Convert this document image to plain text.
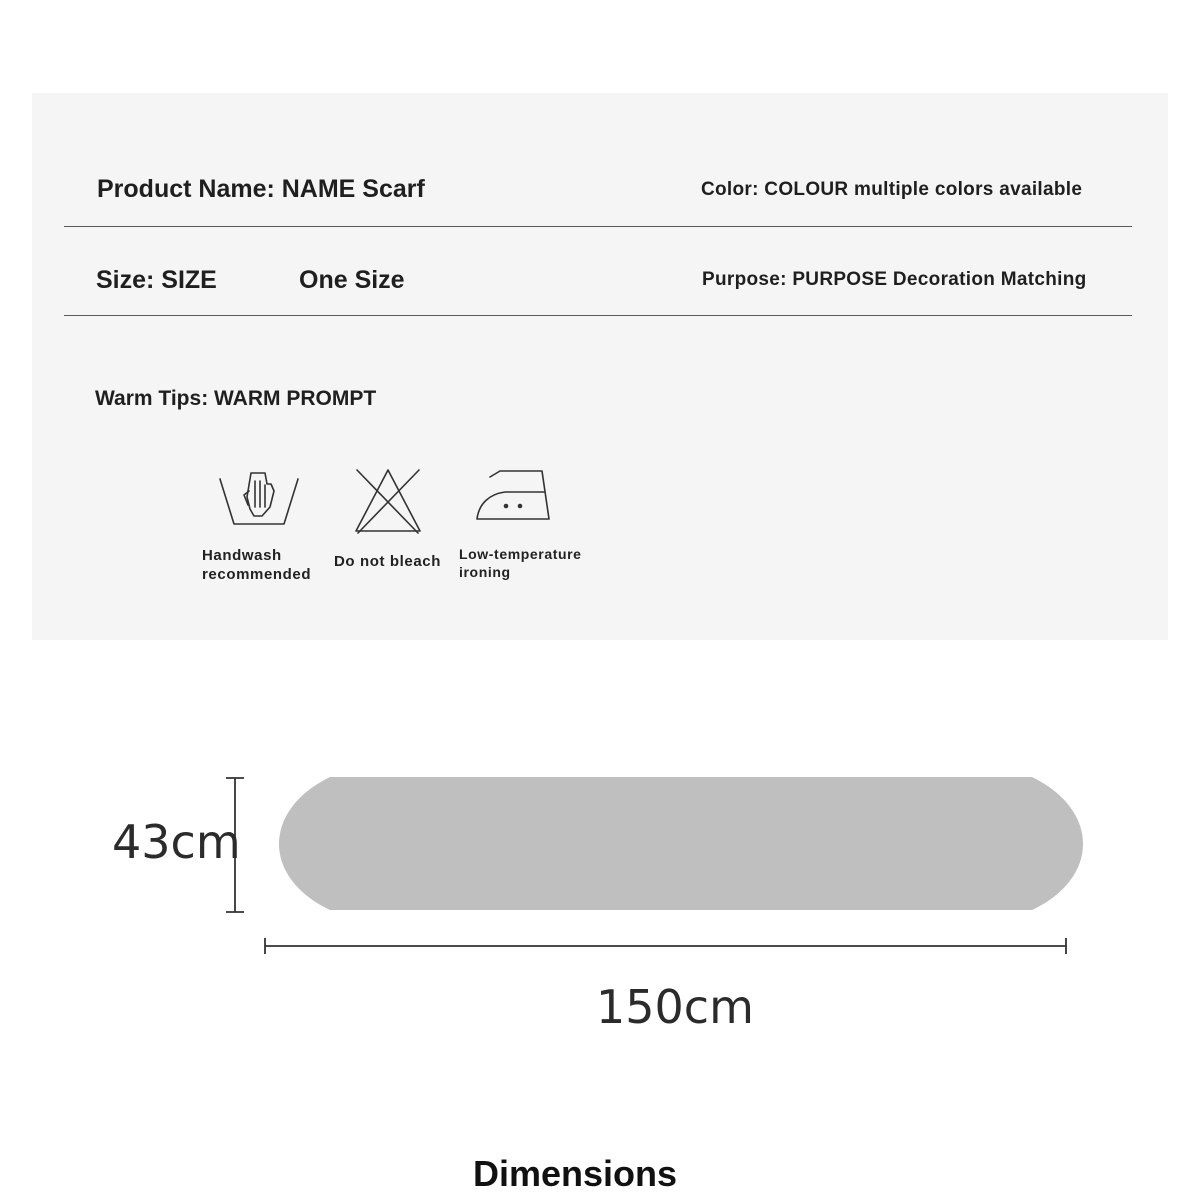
Product Name: NAME Scarf	Color: COLOUR multiple colors available
Size: SIZE	One Size	Purpose: PURPOSE Decoration Matching
Warm Tips: WARM PROMPT
Handwash
recommended
Do not bleach Low-temperature
ironing
43cm
150cm
Dimensions
